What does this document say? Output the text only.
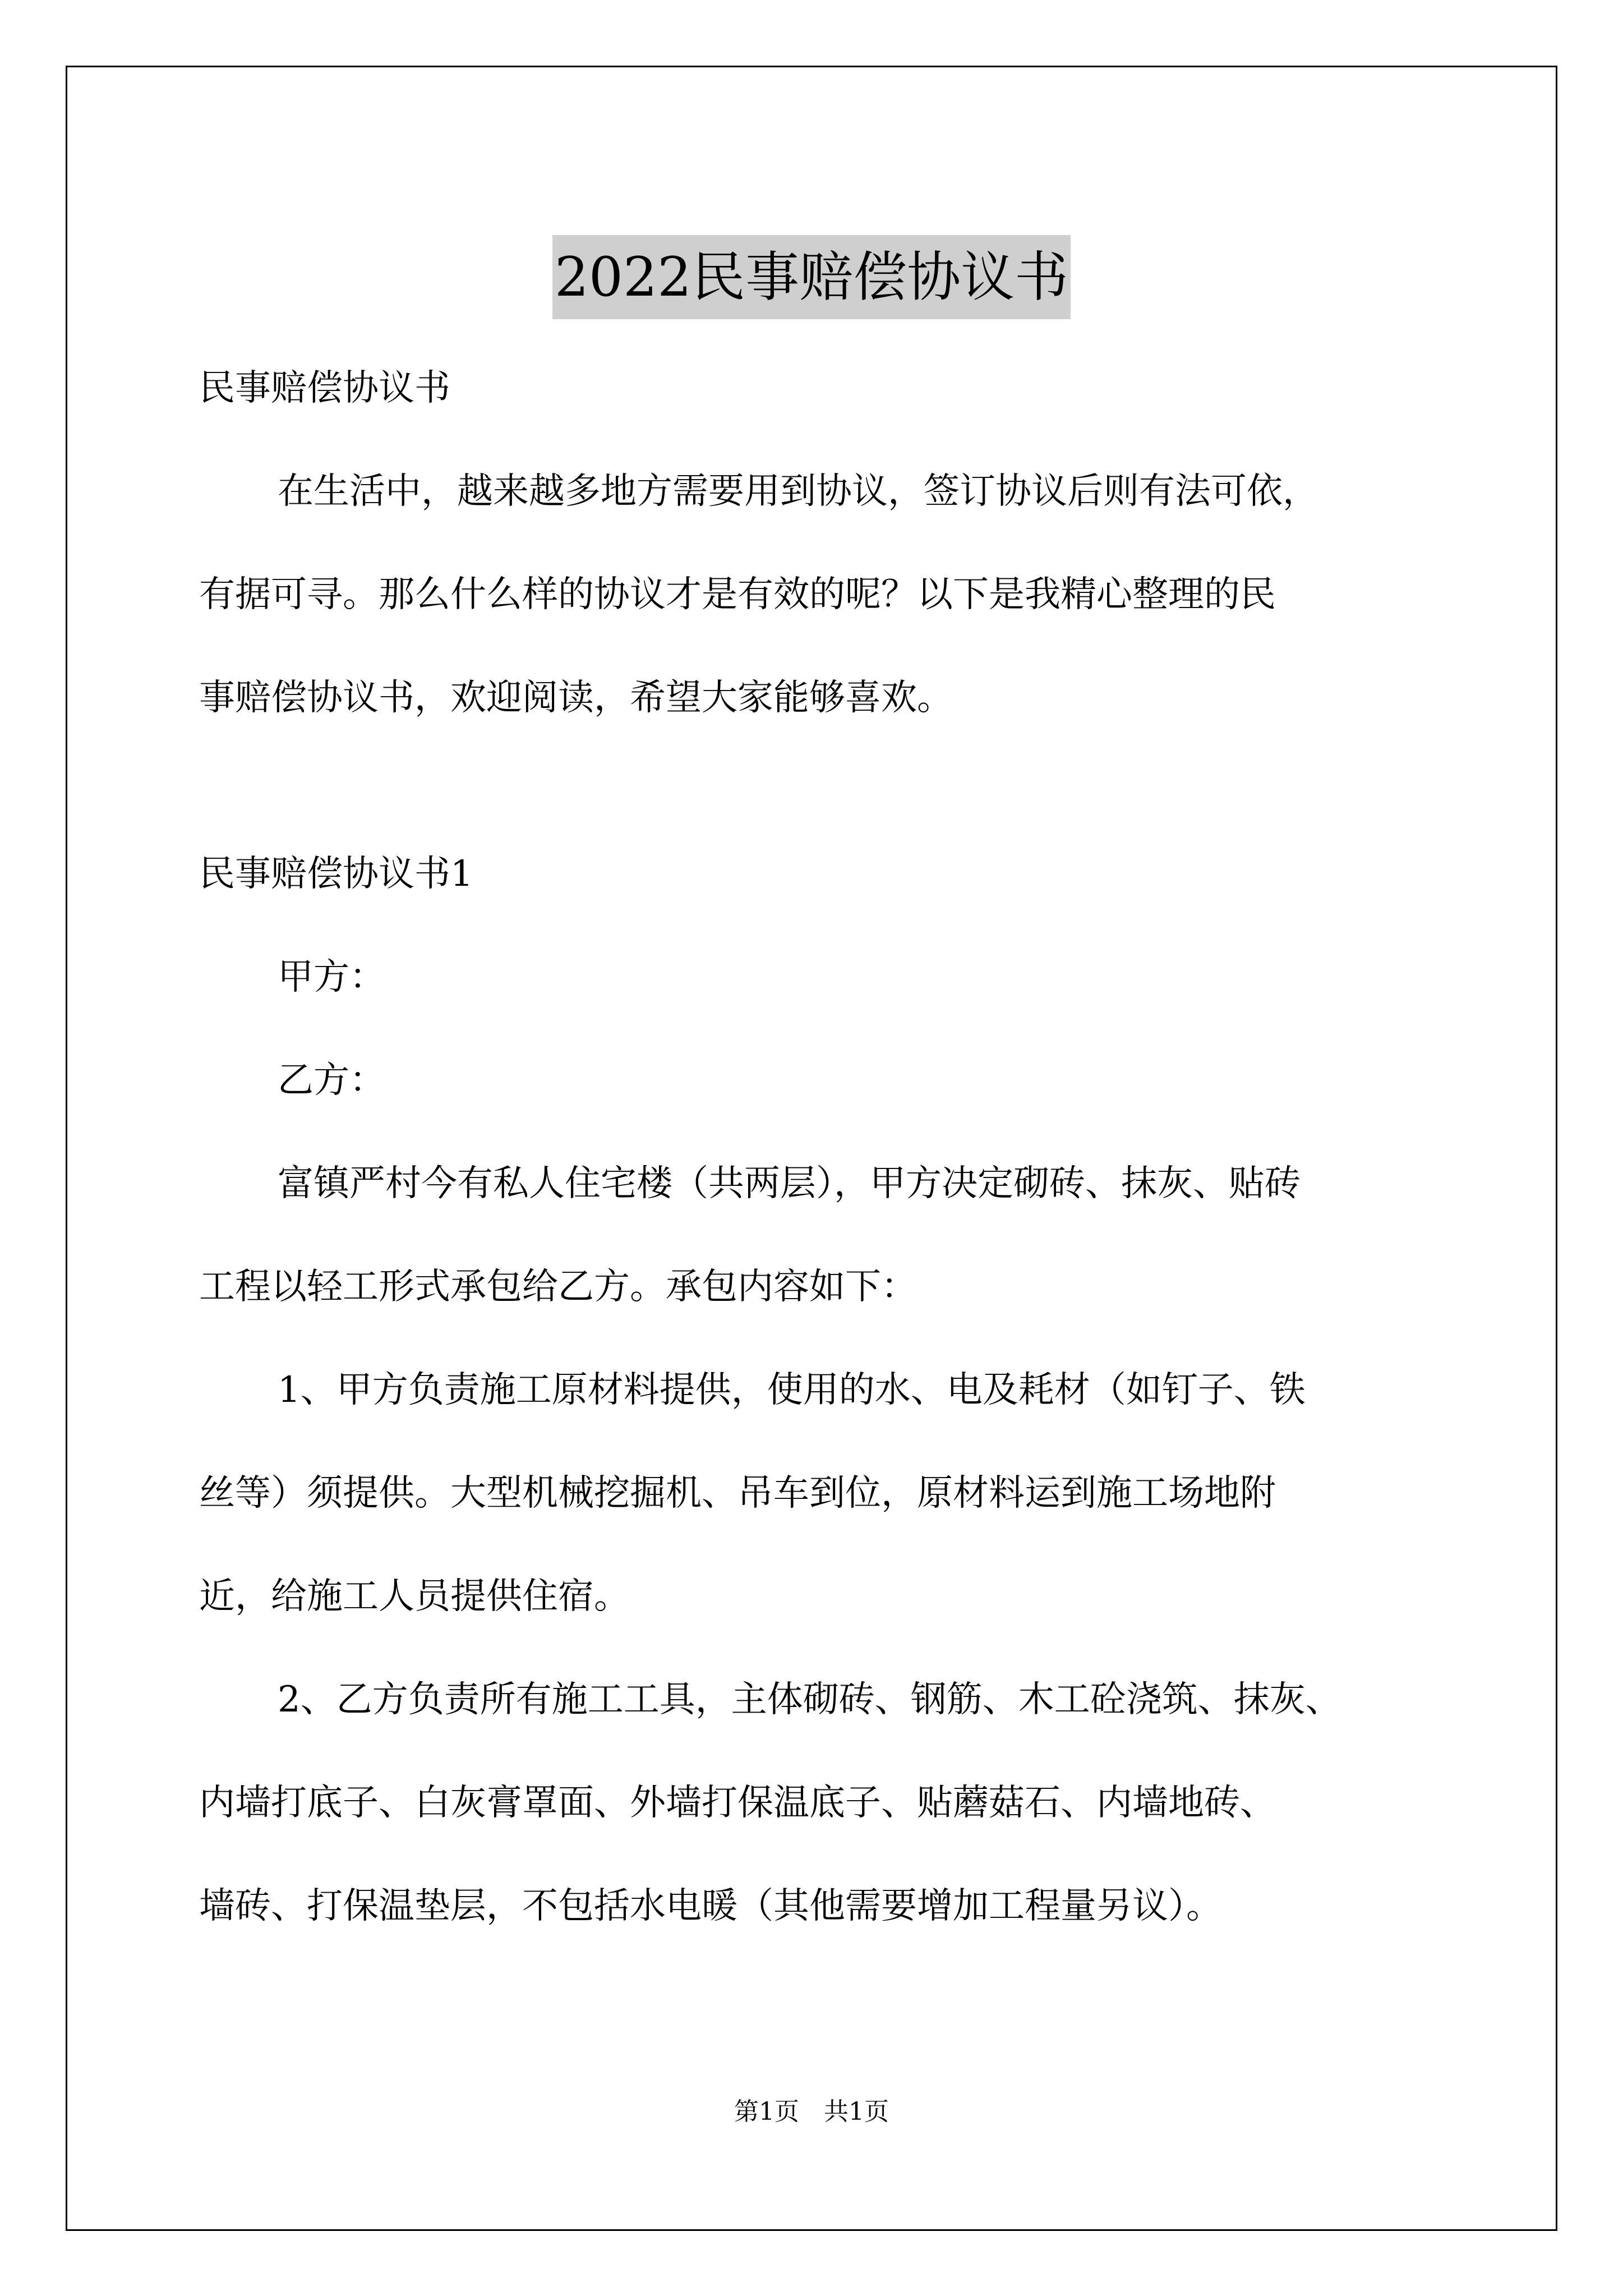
2022民事赔偿协议书

民事赔偿协议书

在生活中，越来越多地方需要用到协议，签订协议后则有法可依，

有据可寻。那么什么样的协议才是有效的呢？以下是我精心整理的民

事赔偿协议书，欢迎阅读，希望大家能够喜欢。

民事赔偿协议书1

甲方：

乙方：

富镇严村今有私人住宅楼（共两层），甲方决定砌砖、抹灰、贴砖

工程以轻工形式承包给乙方。承包内容如下：

1、甲方负责施工原材料提供，使用的水、电及耗材（如钉子、铁

丝等）须提供。大型机械挖掘机、吊车到位，原材料运到施工场地附

近，给施工人员提供住宿。

2、乙方负责所有施工工具，主体砌砖、钢筋、木工砼浇筑、抹灰、

内墙打底子、白灰膏罩面、外墙打保温底子、贴蘑菇石、内墙地砖、

墙砖、打保温垫层，不包括水电暖（其他需要增加工程量另议）。

第1页 共1页
